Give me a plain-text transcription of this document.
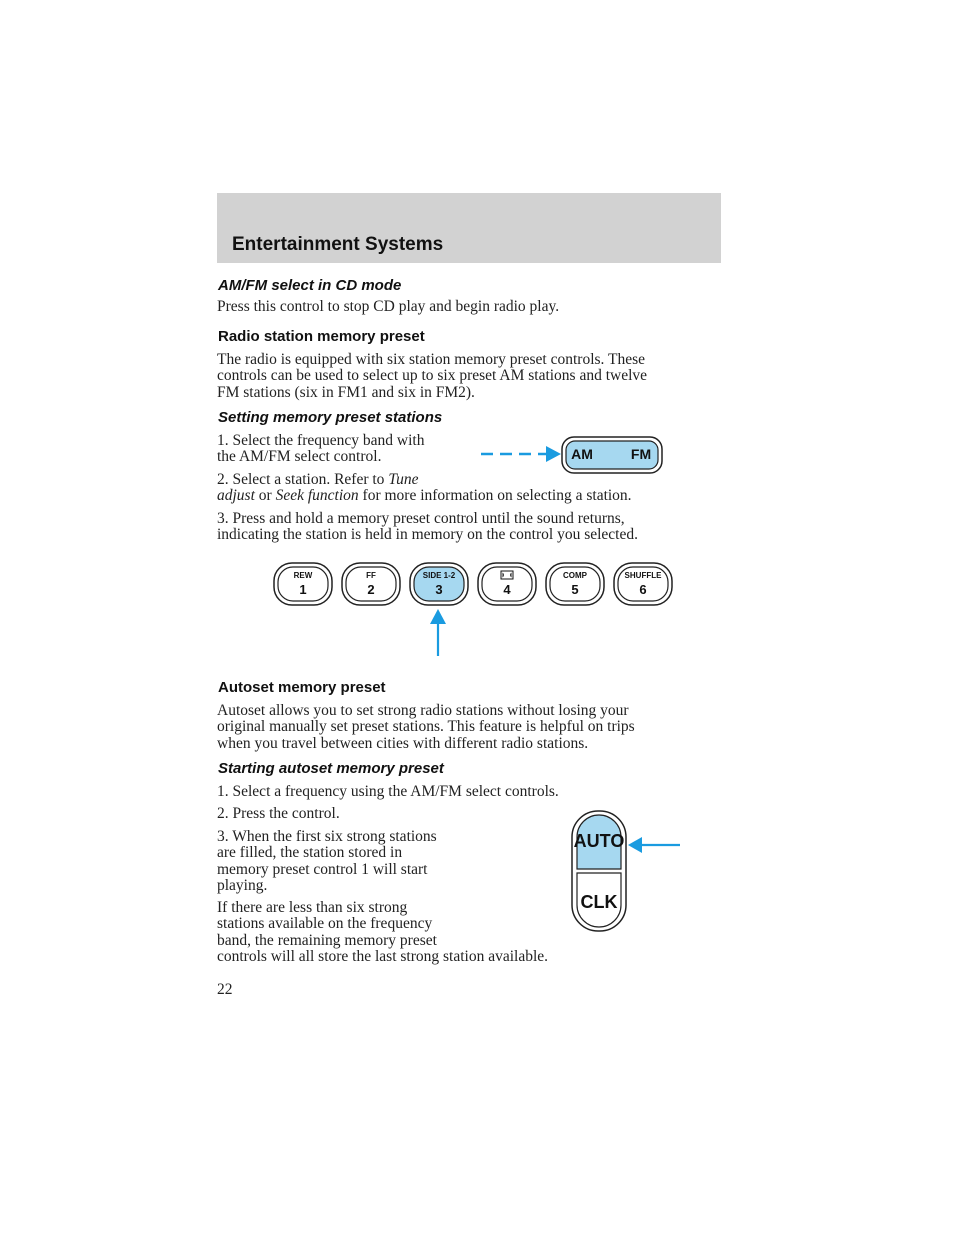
Entertainment Systems
AM/FM select in CD mode

Press this control to stop CD play and begin radio play.

Radio station memory preset

The radio is equipped with six station memory preset controls. These
controls can be used to select up to six preset AM stations and twelve
FM stations (six in FM1 and six in FM2).

Setting memory preset stations

1. Select the frequency band with
the AM/FM select control.

2. Select a station. Refer to Tune
adjust or Seek function for more information on selecting a station.

3. Press and hold a memory preset control until the sound returns,
indicating the station is held in memory on the control you selected.

AM	FM
REW
1
FF
2
SIDE 1-2
3	4
COMP
5
SHUFFLE
6
Autoset memory preset

Autoset allows you to set strong radio stations without losing your
original manually set preset stations. This feature is helpful on trips
when you travel between cities with different radio stations.

Starting autoset memory preset

1. Select a frequency using the AM/FM select controls.

2. Press the control.

3. When the first six strong stations
are filled, the station stored in
memory preset control 1 will start
playing.

If there are less than six strong
stations available on the frequency
band, the remaining memory preset
controls will all store the last strong station available.

AUTO
CLK
22
